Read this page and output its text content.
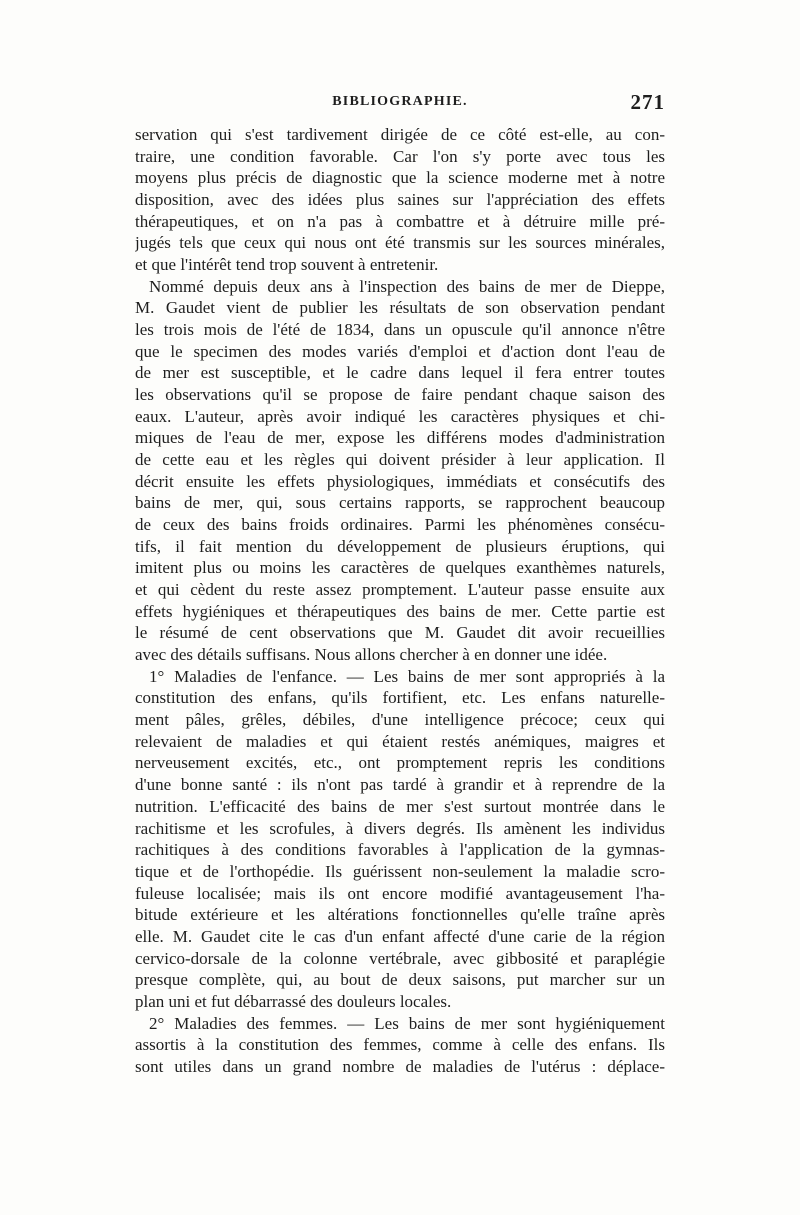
BIBLIOGRAPHIE.	271
servation qui s'est tardivement dirigée de ce côté est-elle, au con-
traire, une condition favorable. Car l'on s'y porte avec tous les
moyens plus précis de diagnostic que la science moderne met à notre
disposition, avec des idées plus saines sur l'appréciation des effets
thérapeutiques, et on n'a pas à combattre et à détruire mille pré-
jugés tels que ceux qui nous ont été transmis sur les sources minérales,
et que l'intérêt tend trop souvent à entretenir.
Nommé depuis deux ans à l'inspection des bains de mer de Dieppe,
M. Gaudet vient de publier les résultats de son observation pendant
les trois mois de l'été de 1834, dans un opuscule qu'il annonce n'être
que le specimen des modes variés d'emploi et d'action dont l'eau de
de mer est susceptible, et le cadre dans lequel il fera entrer toutes
les observations qu'il se propose de faire pendant chaque saison des
eaux. L'auteur, après avoir indiqué les caractères physiques et chi-
miques de l'eau de mer, expose les différens modes d'administration
de cette eau et les règles qui doivent présider à leur application. Il
décrit ensuite les effets physiologiques, immédiats et consécutifs des
bains de mer, qui, sous certains rapports, se rapprochent beaucoup
de ceux des bains froids ordinaires. Parmi les phénomènes consécu-
tifs, il fait mention du développement de plusieurs éruptions, qui
imitent plus ou moins les caractères de quelques exanthèmes naturels,
et qui cèdent du reste assez promptement. L'auteur passe ensuite aux
effets hygiéniques et thérapeutiques des bains de mer. Cette partie est
le résumé de cent observations que M. Gaudet dit avoir recueillies
avec des détails suffisans. Nous allons chercher à en donner une idée.
1° Maladies de l'enfance. — Les bains de mer sont appropriés à la
constitution des enfans, qu'ils fortifient, etc. Les enfans naturelle-
ment pâles, grêles, débiles, d'une intelligence précoce; ceux qui
relevaient de maladies et qui étaient restés anémiques, maigres et
nerveusement excités, etc., ont promptement repris les conditions
d'une bonne santé : ils n'ont pas tardé à grandir et à reprendre de la
nutrition. L'efficacité des bains de mer s'est surtout montrée dans le
rachitisme et les scrofules, à divers degrés. Ils amènent les individus
rachitiques à des conditions favorables à l'application de la gymnas-
tique et de l'orthopédie. Ils guérissent non-seulement la maladie scro-
fuleuse localisée; mais ils ont encore modifié avantageusement l'ha-
bitude extérieure et les altérations fonctionnelles qu'elle traîne après
elle. M. Gaudet cite le cas d'un enfant affecté d'une carie de la région
cervico-dorsale de la colonne vertébrale, avec gibbosité et paraplégie
presque complète, qui, au bout de deux saisons, put marcher sur un
plan uni et fut débarrassé des douleurs locales.
2° Maladies des femmes. — Les bains de mer sont hygiéniquement
assortis à la constitution des femmes, comme à celle des enfans. Ils
sont utiles dans un grand nombre de maladies de l'utérus : déplace-
